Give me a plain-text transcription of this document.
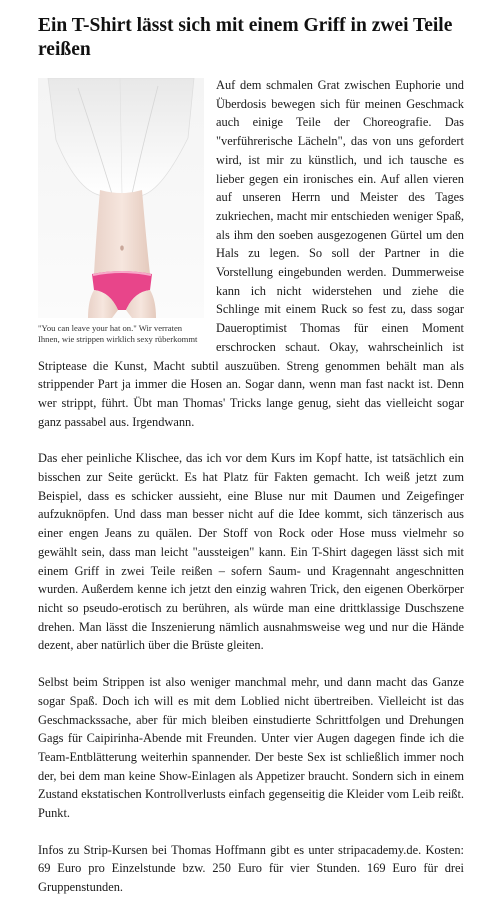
Ein T-Shirt lässt sich mit einem Griff in zwei Teile reißen
"You can leave your hat on." Wir verraten Ihnen, wie strippen wirklich sexy rüberkommt

Auf dem schmalen Grat zwischen Euphorie und Überdosis bewegen sich für meinen Geschmack auch einige Teile der Choreografie. Das "verführerische Lächeln", das von uns gefordert wird, ist mir zu künstlich, und ich tausche es lieber gegen ein ironisches ein. Auf allen vieren auf unseren Herrn und Meister des Tages zukriechen, macht mir entschieden weniger Spaß, als ihm den soeben ausgezogenen Gürtel um den Hals zu legen. So soll der Partner in die Vorstellung eingebunden werden. Dummerweise kann ich nicht widerstehen und ziehe die Schlinge mit einem Ruck so fest zu, dass sogar Daueroptimist Thomas für einen Moment erschrocken schaut. Okay, wahrscheinlich ist Striptease die Kunst, Macht subtil auszuüben. Streng genommen behält man als strippender Part ja immer die Hosen an. Sogar dann, wenn man fast nackt ist. Denn wer strippt, führt. Übt man Thomas' Tricks lange genug, sieht das vielleicht sogar ganz passabel aus. Irgendwann.

Das eher peinliche Klischee, das ich vor dem Kurs im Kopf hatte, ist tatsächlich ein bisschen zur Seite gerückt. Es hat Platz für Fakten gemacht. Ich weiß jetzt zum Beispiel, dass es schicker aussieht, eine Bluse nur mit Daumen und Zeigefinger aufzuknöpfen. Und dass man besser nicht auf die Idee kommt, sich tänzerisch aus einer engen Jeans zu quälen. Der Stoff von Rock oder Hose muss vielmehr so gewählt sein, dass man leicht "aussteigen" kann. Ein T-Shirt dagegen lässt sich mit einem Griff in zwei Teile reißen – sofern Saum- und Kragennaht angeschnitten wurden. Außerdem kenne ich jetzt den einzig wahren Trick, den eigenen Oberkörper nicht so pseudo-erotisch zu berühren, als würde man eine drittklassige Duschszene drehen. Man lässt die Inszenierung nämlich ausnahmsweise weg und nur die Hände dezent, aber natürlich über die Brüste gleiten.

Selbst beim Strippen ist also weniger manchmal mehr, und dann macht das Ganze sogar Spaß. Doch ich will es mit dem Loblied nicht übertreiben. Vielleicht ist das Geschmackssache, aber für mich bleiben einstudierte Schrittfolgen und Drehungen Gags für Caipirinha-Abende mit Freunden. Unter vier Augen dagegen finde ich die Team-Entblätterung weiterhin spannender. Der beste Sex ist schließlich immer noch der, bei dem man keine Show-Einlagen als Appetizer braucht. Sondern sich in einem Zustand ekstatischen Kontrollverlusts einfach gegenseitig die Kleider vom Leib reißt. Punkt.

Infos zu Strip-Kursen bei Thomas Hoffmann gibt es unter stripacademy.de. Kosten: 69 Euro pro Einzelstunde bzw. 250 Euro für vier Stunden. 169 Euro für drei Gruppenstunden.
